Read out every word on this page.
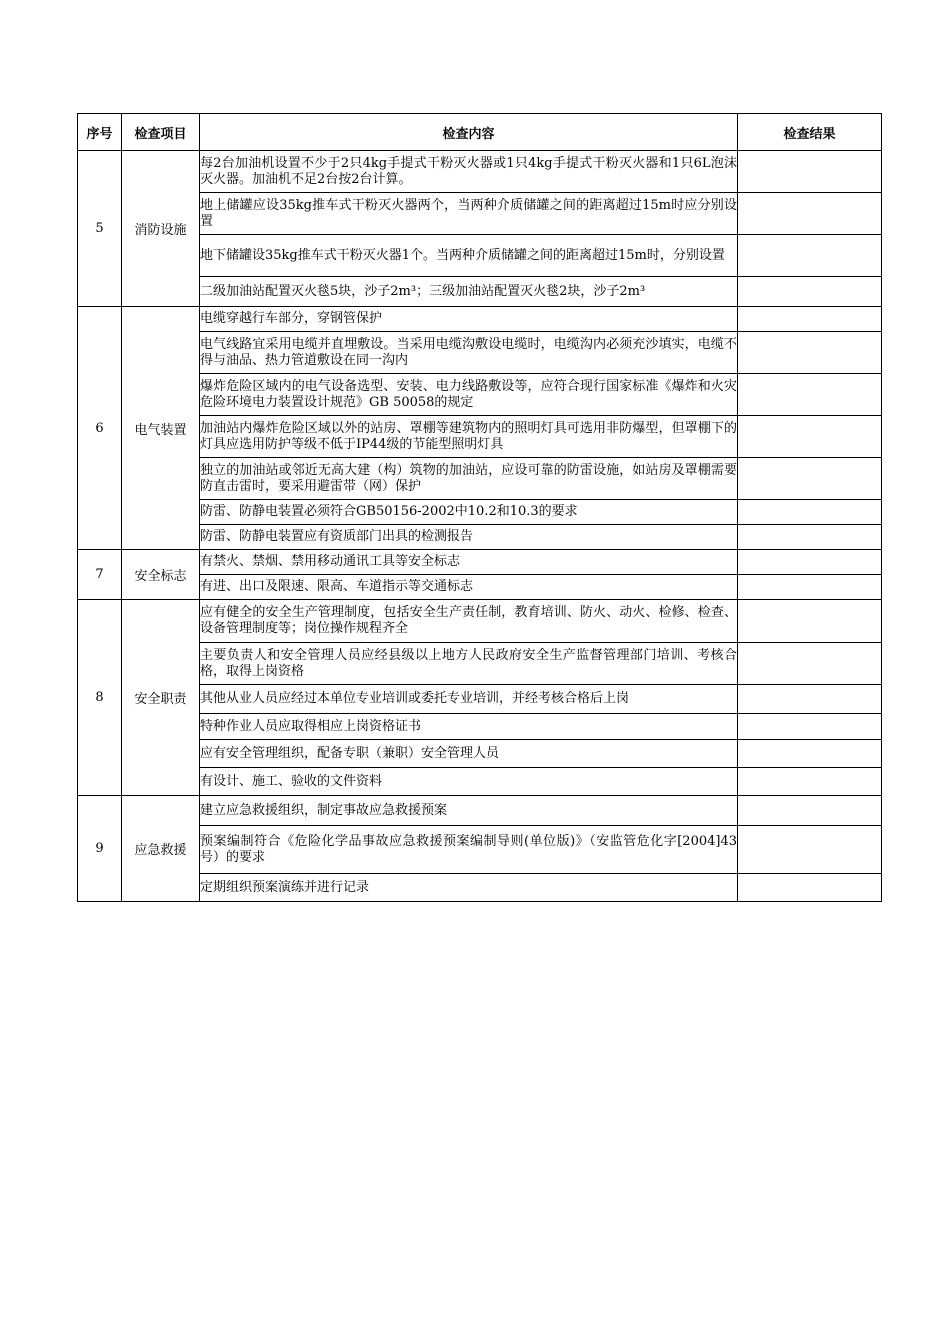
序号	检查项目	检查内容	检查结果
5	消防设施	每2台加油机设置不少于2只4kg手提式干粉灭火器或1只4kg手提式干粉灭火器和1只6L泡沫灭火器。加油机不足2台按2台计算。	
		地上储罐应设35kg推车式干粉灭火器两个，当两种介质储罐之间的距离超过15m时应分别设置	
		地下储罐设35kg推车式干粉灭火器1个。当两种介质储罐之间的距离超过15m时，分别设置	
		二级加油站配置灭火毯5块，沙子2m³；三级加油站配置灭火毯2块，沙子2m³	
6	电气装置	电缆穿越行车部分，穿钢管保护	
		电气线路宜采用电缆并直埋敷设。当采用电缆沟敷设电缆时，电缆沟内必须充沙填实，电缆不得与油品、热力管道敷设在同一沟内	
		爆炸危险区域内的电气设备选型、安装、电力线路敷设等，应符合现行国家标准《爆炸和火灾危险环境电力装置设计规范》GB 50058的规定	
		加油站内爆炸危险区域以外的站房、罩棚等建筑物内的照明灯具可选用非防爆型，但罩棚下的灯具应选用防护等级不低于IP44级的节能型照明灯具	
		独立的加油站或邻近无高大建（构）筑物的加油站，应设可靠的防雷设施，如站房及罩棚需要防直击雷时，要采用避雷带（网）保护	
		防雷、防静电装置必须符合GB50156-2002中10.2和10.3的要求	
		防雷、防静电装置应有资质部门出具的检测报告	
7	安全标志	有禁火、禁烟、禁用移动通讯工具等安全标志	
		有进、出口及限速、限高、车道指示等交通标志	
8	安全职责	应有健全的安全生产管理制度，包括安全生产责任制，教育培训、防火、动火、检修、检查、设备管理制度等；岗位操作规程齐全	
		主要负责人和安全管理人员应经县级以上地方人民政府安全生产监督管理部门培训、考核合格，取得上岗资格	
		其他从业人员应经过本单位专业培训或委托专业培训，并经考核合格后上岗	
		特种作业人员应取得相应上岗资格证书	
		应有安全管理组织，配备专职（兼职）安全管理人员	
		有设计、施工、验收的文件资料	
9	应急救援	建立应急救援组织，制定事故应急救援预案	
		预案编制符合《危险化学品事故应急救援预案编制导则(单位版)》（安监管危化字[2004]43号）的要求	
		定期组织预案演练并进行记录	
